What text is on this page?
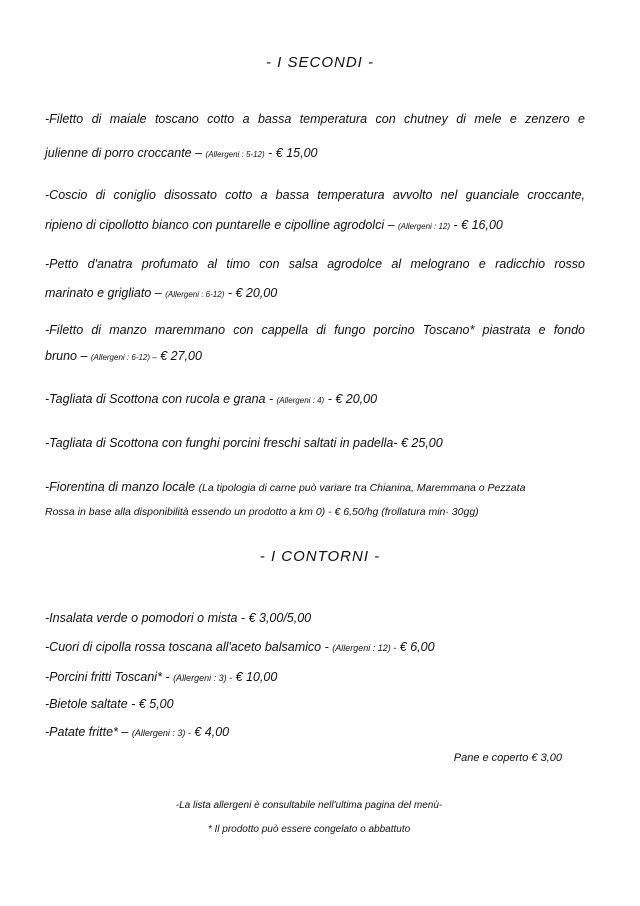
- I SECONDI -
-Filetto di maiale toscano cotto a bassa temperatura con chutney di mele e zenzero e
julienne di porro croccante – (Allergeni : 5-12) - € 15,00
-Coscio di coniglio disossato cotto a bassa temperatura avvolto nel guanciale croccante,
ripieno di cipollotto bianco con puntarelle e cipolline agrodolci – (Allergeni : 12) - € 16,00
-Petto d'anatra profumato al timo con salsa agrodolce al melograno e radicchio rosso
marinato e grigliato – (Allergeni : 6-12) - € 20,00
-Filetto di manzo maremmano con cappella di fungo porcino Toscano* piastrata e fondo
bruno – (Allergeni : 6-12) – € 27,00
-Tagliata di Scottona con rucola e grana - (Allergeni : 4) - € 20,00
-Tagliata di Scottona con funghi porcini freschi saltati in padella- € 25,00
-Fiorentina di manzo locale (La tipologia di carne può variare tra Chianina, Maremmana o Pezzata
Rossa in base alla disponibilità essendo un prodotto a km 0) - € 6,50/hg (frollatura min· 30gg)
- I CONTORNI -
-Insalata verde o pomodori o mista - € 3,00/5,00
-Cuori di cipolla rossa toscana all'aceto balsamico - (Allergeni : 12) - € 6,00
-Porcini fritti Toscani* - (Allergeni : 3) - € 10,00
-Bietole saltate - € 5,00
-Patate fritte* – (Allergeni : 3) - € 4,00
Pane e coperto € 3,00
-La lista allergeni è consultabile nell'ultima pagina del menù-
* Il prodotto può essere congelato o abbattuto
